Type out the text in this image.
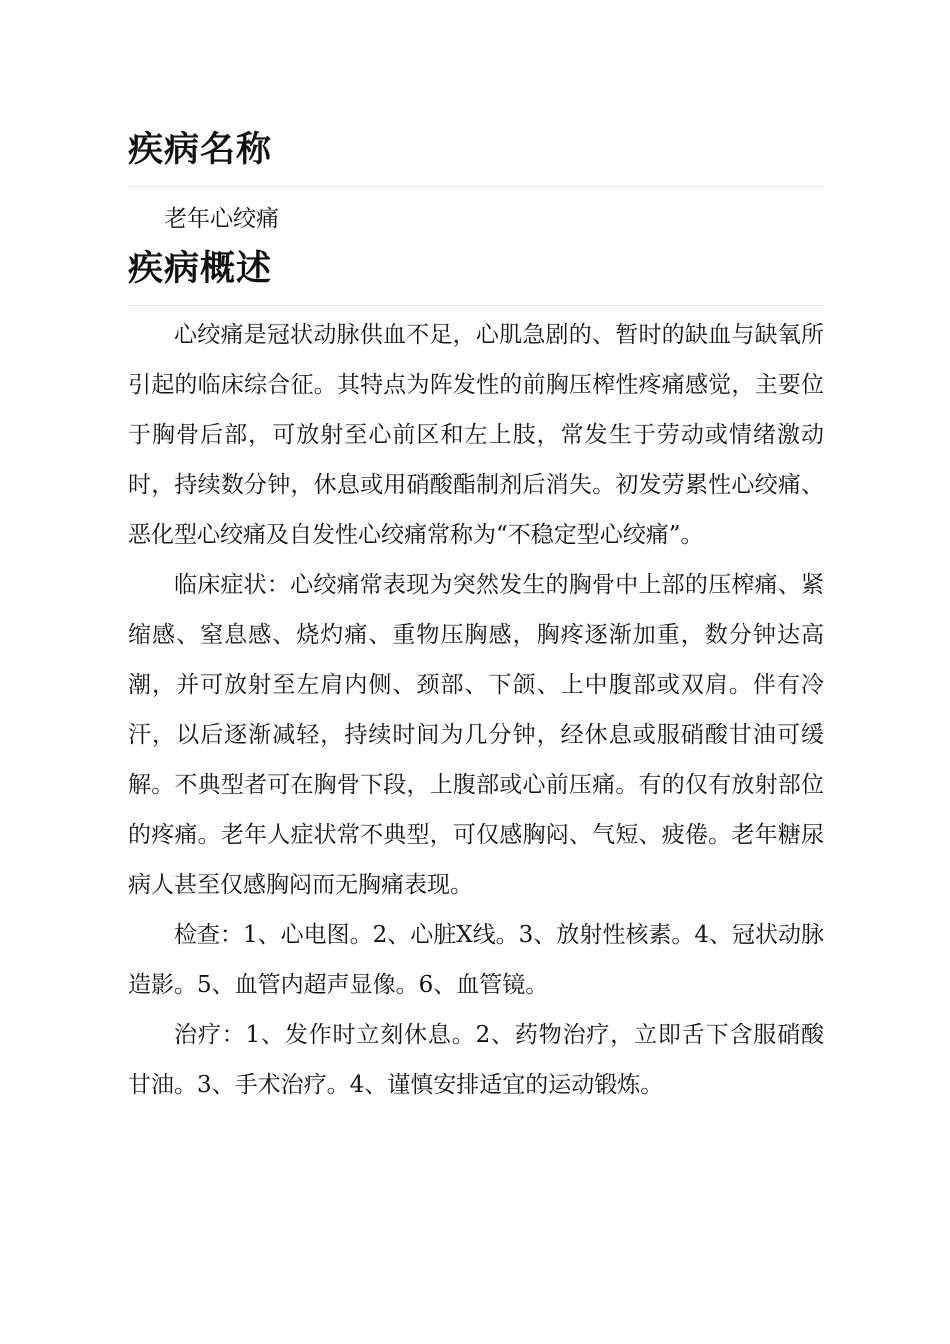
疾病名称
老年心绞痛
疾病概述

心绞痛是冠状动脉供血不足，心肌急剧的、暂时的缺血与缺氧所引起的临床综合征。其特点为阵发性的前胸压榨性疼痛感觉，主要位于胸骨后部，可放射至心前区和左上肢，常发生于劳动或情绪激动时，持续数分钟，休息或用硝酸酯制剂后消失。初发劳累性心绞痛、恶化型心绞痛及自发性心绞痛常称为“不稳定型心绞痛”。

临床症状：心绞痛常表现为突然发生的胸骨中上部的压榨痛、紧缩感、窒息感、烧灼痛、重物压胸感，胸疼逐渐加重，数分钟达高潮，并可放射至左肩内侧、颈部、下颌、上中腹部或双肩。伴有冷汗，以后逐渐减轻，持续时间为几分钟，经休息或服硝酸甘油可缓解。不典型者可在胸骨下段，上腹部或心前压痛。有的仅有放射部位的疼痛。老年人症状常不典型，可仅感胸闷、气短、疲倦。老年糖尿病人甚至仅感胸闷而无胸痛表现。

检查：1、心电图。2、心脏X线。3、放射性核素。4、冠状动脉造影。5、血管内超声显像。6、血管镜。

治疗：1、发作时立刻休息。2、药物治疗，立即舌下含服硝酸甘油。3、手术治疗。4、谨慎安排适宜的运动锻炼。
